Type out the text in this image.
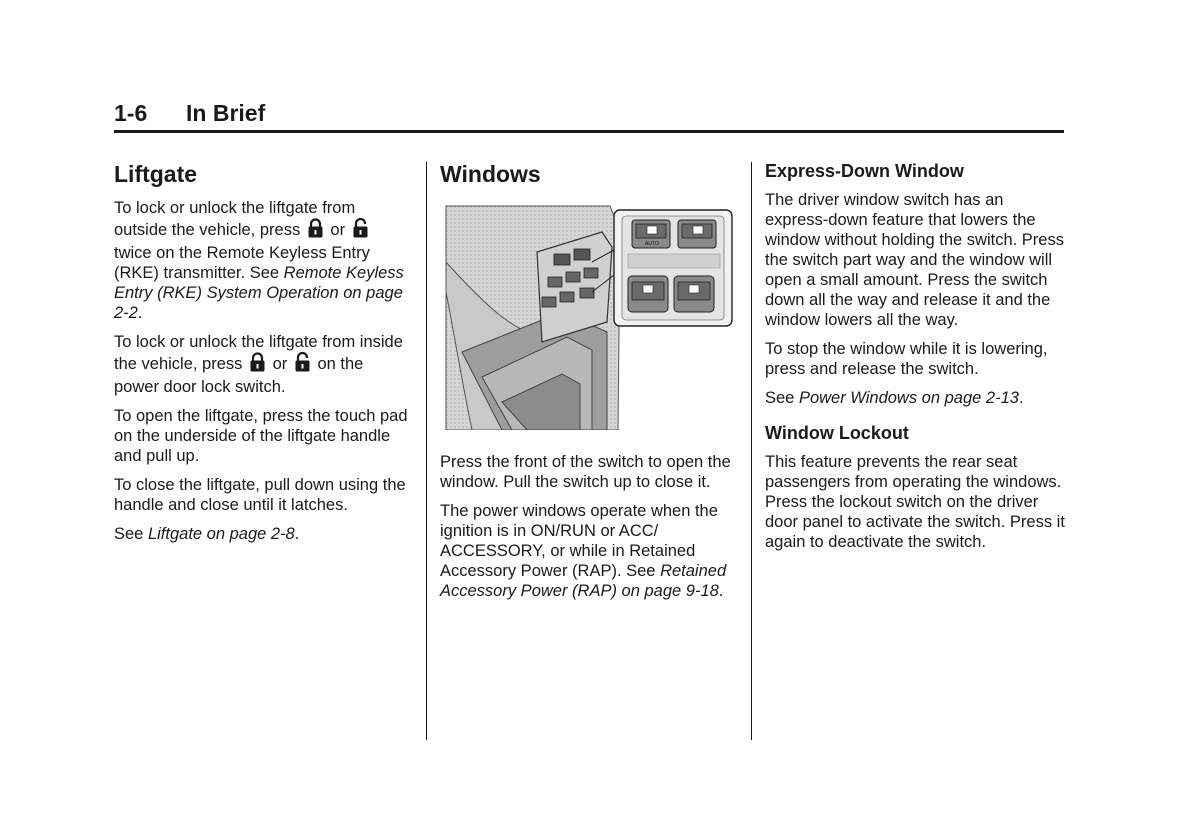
1-6 In Brief
Liftgate

To lock or unlock the liftgate from outside the vehicle, press or  twice on the Remote Keyless Entry (RKE) transmitter. See Remote Keyless Entry (RKE) System Operation on page 2-2.

To lock or unlock the liftgate from inside the vehicle, press or on the power door lock switch.

To open the liftgate, press the touch pad on the underside of the liftgate handle and pull up.

To close the liftgate, pull down using the handle and close until it latches.

See Liftgate on page 2-8.

Windows
AUTO

Press the front of the switch to open the window. Pull the switch up to close it.

The power windows operate when the ignition is in ON/RUN or ACC/ ACCESSORY, or while in Retained Accessory Power (RAP). See Retained Accessory Power (RAP) on page 9-18.

Express-Down Window

The driver window switch has an express-down feature that lowers the window without holding the switch. Press the switch part way and the window will open a small amount. Press the switch down all the way and release it and the window lowers all the way.

To stop the window while it is lowering, press and release the switch.

See Power Windows on page 2-13.

Window Lockout

This feature prevents the rear seat passengers from operating the windows. Press the lockout switch on the driver door panel to activate the switch. Press it again to deactivate the switch.
